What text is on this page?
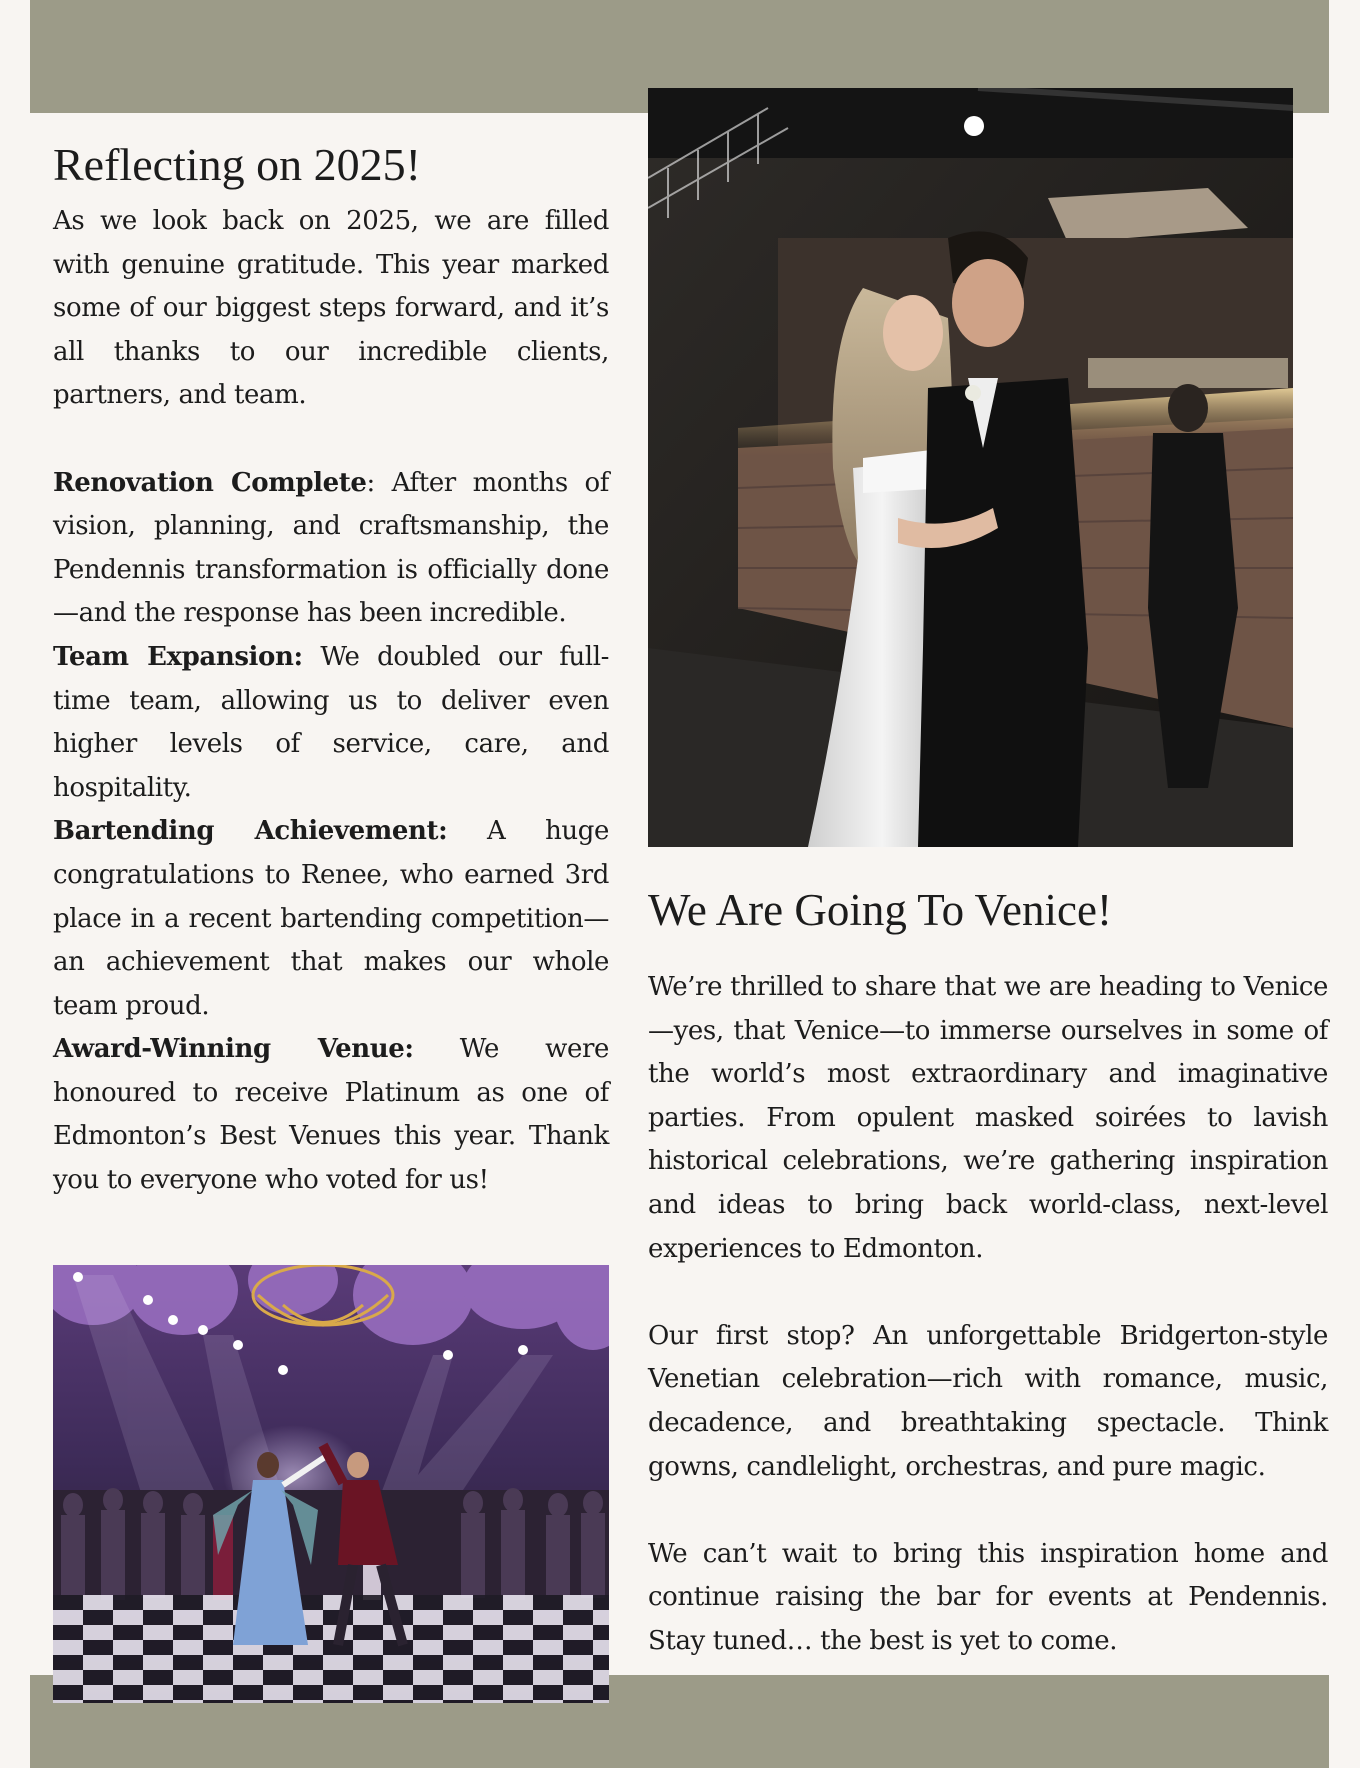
Reflecting on 2025!

As we look back on 2025, we are filled with genuine gratitude. This year marked some of our biggest steps forward, and it’s all thanks to our incredible clients, partners, and team.

Renovation Complete: After months of vision, planning, and craftsmanship, the Pendennis transformation is officially done—and the response has been incredible.

Team Expansion: We doubled our full-time team, allowing us to deliver even higher levels of service, care, and hospitality.

Bartending Achievement: A huge congratulations to Renee, who earned 3rd place in a recent bartending competition—an achievement that makes our whole team proud.

Award-Winning Venue: We were honoured to receive Platinum as one of Edmonton’s Best Venues this year. Thank you to everyone who voted for us!

We Are Going To Venice!

We’re thrilled to share that we are heading to Venice—yes, that Venice—to immerse ourselves in some of the world’s most extraordinary and imaginative parties. From opulent masked soirées to lavish historical celebrations, we’re gathering inspiration and ideas to bring back world-class, next-level experiences to Edmonton.

Our first stop? An unforgettable Bridgerton-style Venetian celebration—rich with romance, music, decadence, and breathtaking spectacle. Think gowns, candlelight, orchestras, and pure magic.

We can’t wait to bring this inspiration home and continue raising the bar for events at Pendennis. Stay tuned… the best is yet to come.
